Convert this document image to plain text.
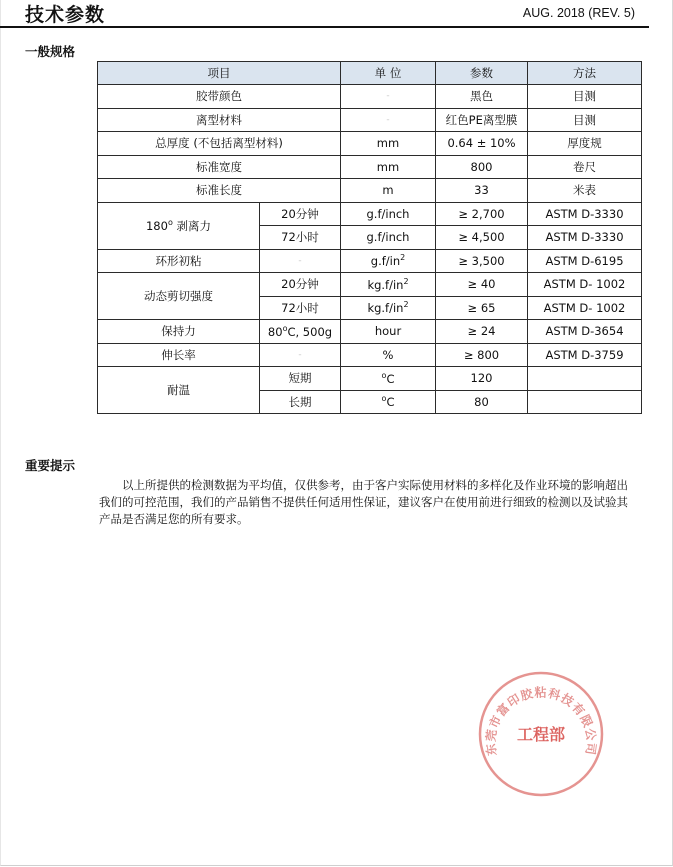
技术参数	AUG. 2018 (REV. 5)
一般规格
项目		单 位	参数	方法
胶带颜色		-	黑色	目测
离型材料		-	红色PE离型膜	目测
总厚度 (不包括离型材料)		mm	0.64 ± 10%	厚度规
标准宽度		mm	800	卷尺
标准长度		m	33	米表
180$^o$ 剥离力	20分钟	g.f/inch	≥ 2,700	ASTM D-3330
	72小时	g.f/inch	≥ 4,500	ASTM D-3330
环形初粘	-	$g.f/in^2$	≥ 3,500	ASTM D-6195
动态剪切强度	20分钟	$kg.f/in^2$	≥ 40	ASTM D- 1002
	72小时	$kg.f/in^2$	≥ 65	ASTM D- 1002
保持力	80$^o$C, 500g	hour	≥ 24	ASTM D-3654
伸长率	-	%	≥ 800	ASTM D-3759
耐温	短期	$^o$C	120	
	长期	$^o$C	80	
重要提示
以上所提供的检测数据为平均值，仅供参考，由于客户实际使用材料的多样化及作业环境的影响超出我们的可控范围，我们的产品销售不提供任何适用性保证，建议客户在使用前进行细致的检测以及试验其产品是否满足您的所有要求。
东莞市富印胶粘科技有限公司
工程部
